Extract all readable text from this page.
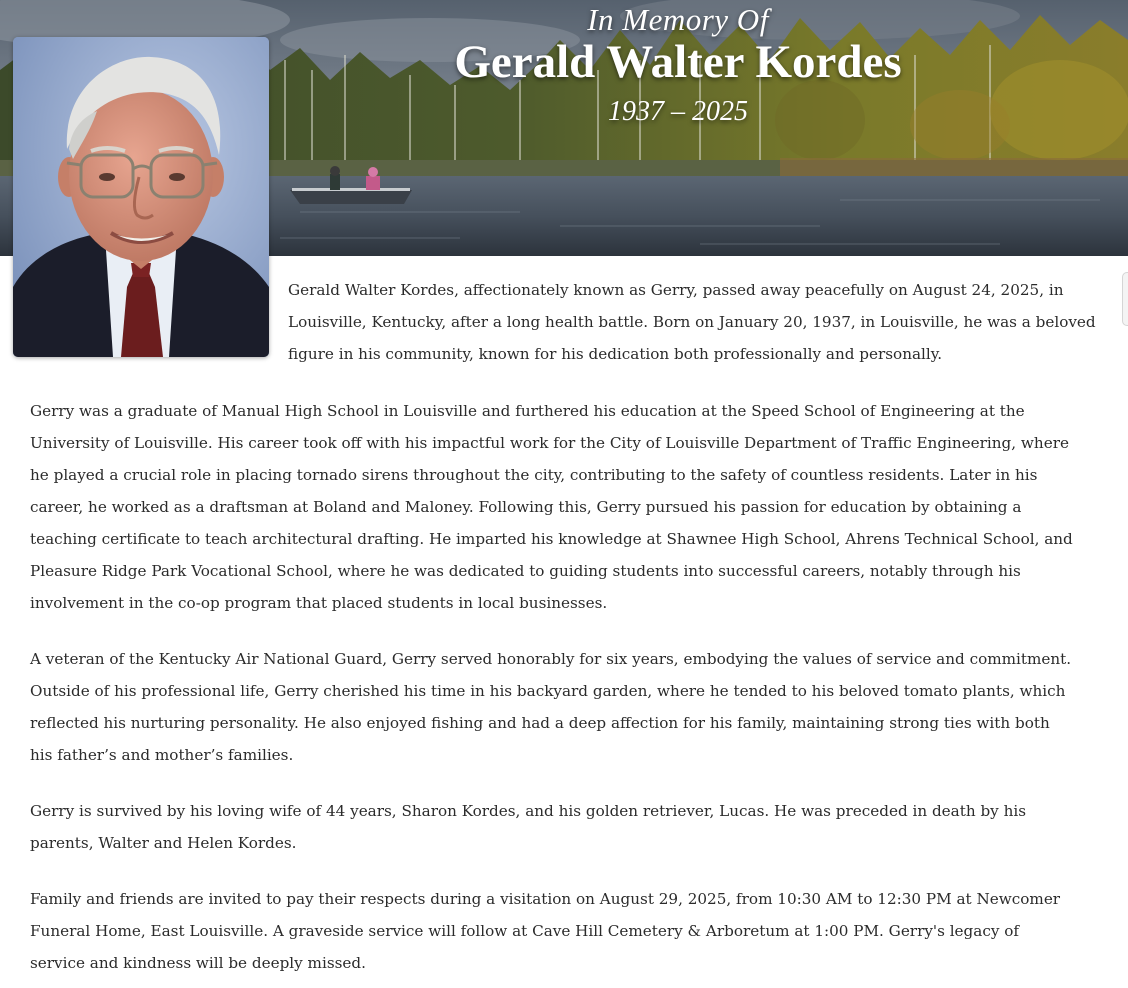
In Memory Of
Gerald Walter Kordes
1937 – 2025

Gerald Walter Kordes, affectionately known as Gerry, passed away peacefully on August 24, 2025, in Louisville, Kentucky, after a long health battle. Born on January 20, 1937, in Louisville, he was a beloved figure in his community, known for his dedication both professionally and personally.

Gerry was a graduate of Manual High School in Louisville and furthered his education at the Speed School of Engineering at the University of Louisville. His career took off with his impactful work for the City of Louisville Department of Traffic Engineering, where he played a crucial role in placing tornado sirens throughout the city, contributing to the safety of countless residents. Later in his career, he worked as a draftsman at Boland and Maloney. Following this, Gerry pursued his passion for education by obtaining a teaching certificate to teach architectural drafting. He imparted his knowledge at Shawnee High School, Ahrens Technical School, and Pleasure Ridge Park Vocational School, where he was dedicated to guiding students into successful careers, notably through his involvement in the co-op program that placed students in local businesses.

A veteran of the Kentucky Air National Guard, Gerry served honorably for six years, embodying the values of service and commitment. Outside of his professional life, Gerry cherished his time in his backyard garden, where he tended to his beloved tomato plants, which reflected his nurturing personality. He also enjoyed fishing and had a deep affection for his family, maintaining strong ties with both his father’s and mother’s families.

Gerry is survived by his loving wife of 44 years, Sharon Kordes, and his golden retriever, Lucas. He was preceded in death by his parents, Walter and Helen Kordes.

Family and friends are invited to pay their respects during a visitation on August 29, 2025, from 10:30 AM to 12:30 PM at Newcomer Funeral Home, East Louisville. A graveside service will follow at Cave Hill Cemetery & Arboretum at 1:00 PM. Gerry's legacy of service and kindness will be deeply missed.
